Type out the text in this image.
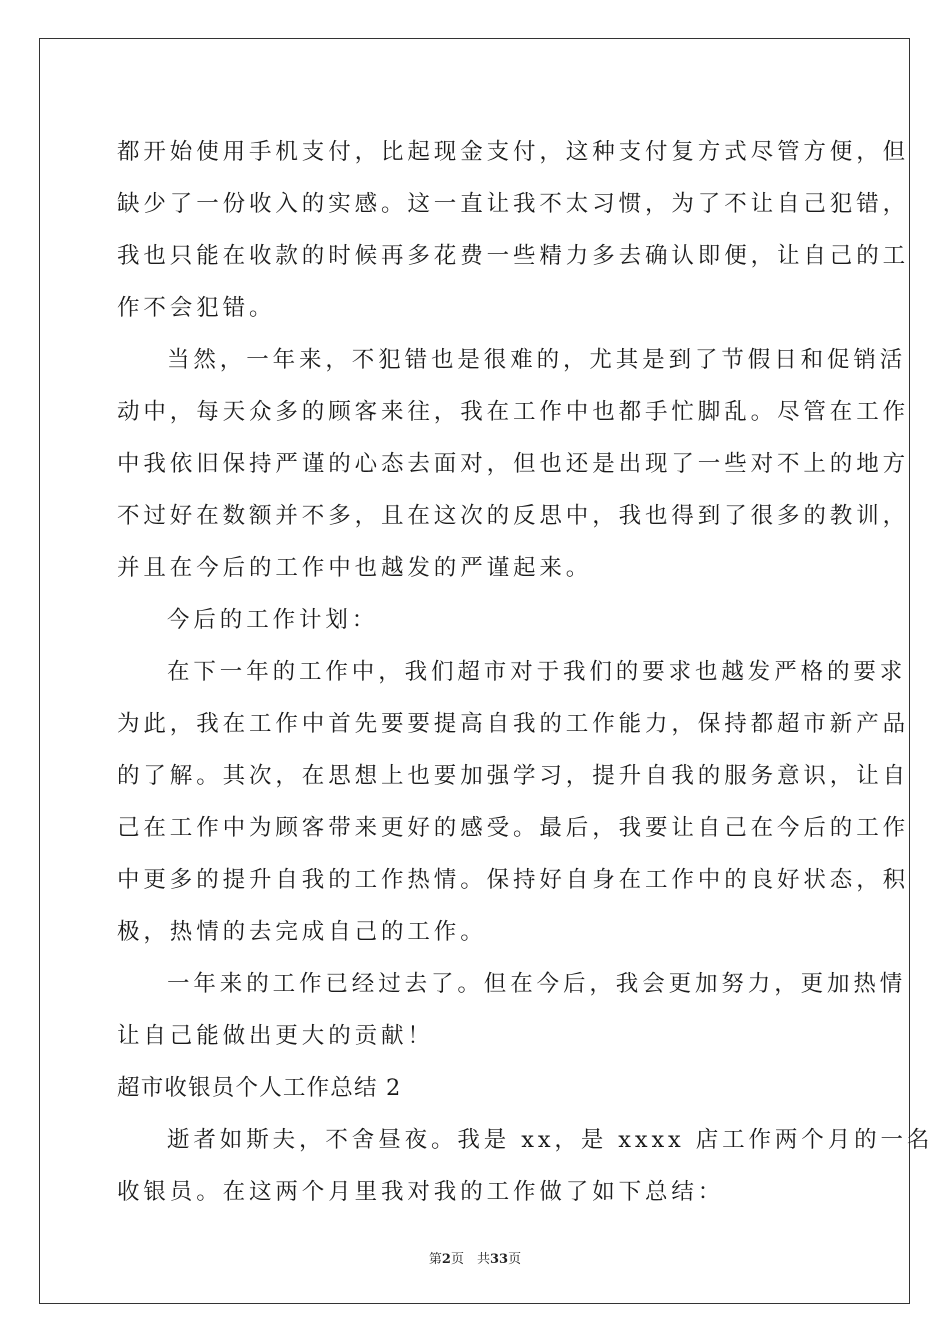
都开始使用手机支付，比起现金支付，这种支付复方式尽管方便，但
缺少了一份收入的实感。这一直让我不太习惯，为了不让自己犯错，
我也只能在收款的时候再多花费一些精力多去确认即便，让自己的工
作不会犯错。
当然，一年来，不犯错也是很难的，尤其是到了节假日和促销活
动中，每天众多的顾客来往，我在工作中也都手忙脚乱。尽管在工作
中我依旧保持严谨的心态去面对，但也还是出现了一些对不上的地方
不过好在数额并不多，且在这次的反思中，我也得到了很多的教训，
并且在今后的工作中也越发的严谨起来。
今后的工作计划：
在下一年的工作中，我们超市对于我们的要求也越发严格的要求
为此，我在工作中首先要要提高自我的工作能力，保持都超市新产品
的了解。其次，在思想上也要加强学习，提升自我的服务意识，让自
己在工作中为顾客带来更好的感受。最后，我要让自己在今后的工作
中更多的提升自我的工作热情。保持好自身在工作中的良好状态，积
极，热情的去完成自己的工作。
一年来的工作已经过去了。但在今后，我会更加努力，更加热情
让自己能做出更大的贡献！
超市收银员个人工作总结 2
逝者如斯夫，不舍昼夜。我是 xx，是 xxxx 店工作两个月的一名
收银员。在这两个月里我对我的工作做了如下总结：
第2页　共33页
